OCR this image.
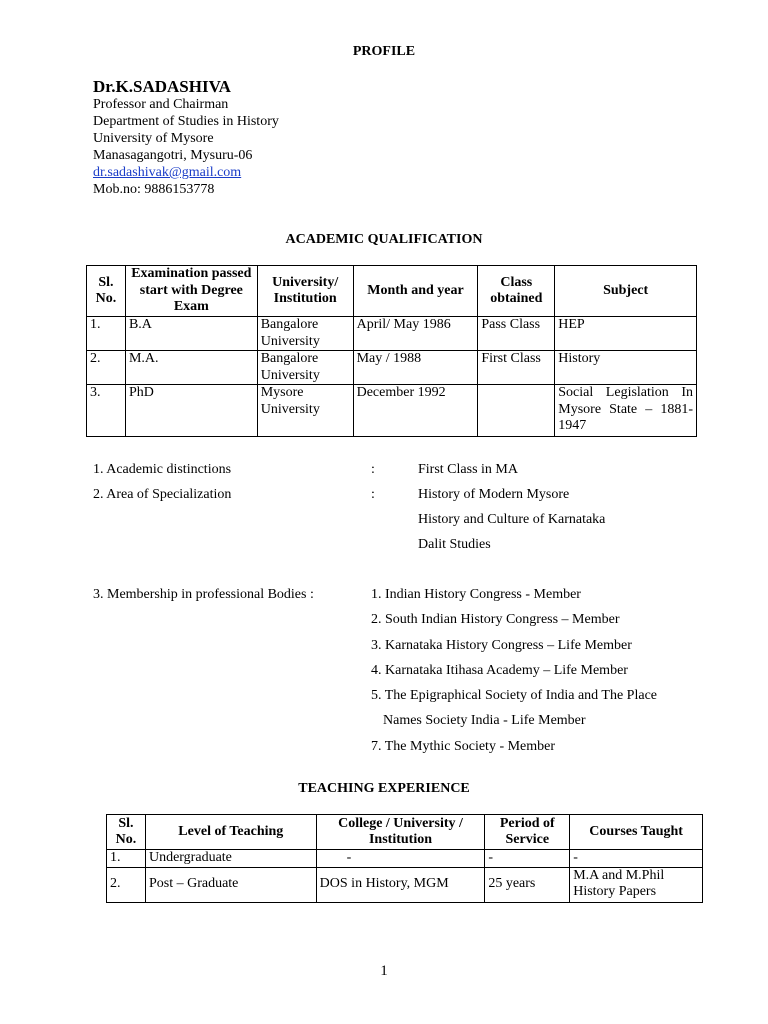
PROFILE
Dr.K.SADASHIVA
Professor and Chairman
Department of Studies in History
University of Mysore
Manasagangotri, Mysuru-06
dr.sadashivak@gmail.com
Mob.no: 9886153778
ACADEMIC QUALIFICATION
Sl. No.	Examination passed start with Degree Exam	University/ Institution	Month and year	Class obtained	Subject
1.	B.A	Bangalore University	April/ May 1986	Pass Class	HEP
2.	M.A.	Bangalore University	May / 1988	First Class	History
3.	PhD	Mysore University	December 1992		Social Legislation In Mysore State – 1881-1947
1. Academic distinctions	:	First Class in MA
2. Area of Specialization	:	History of Modern Mysore
History and Culture of Karnataka
Dalit Studies
3. Membership in professional Bodies :	1. Indian History Congress - Member
2. South Indian History Congress – Member
3. Karnataka History Congress – Life Member
4. Karnataka Itihasa Academy – Life Member
5. The Epigraphical Society of India and The Place
Names Society India - Life Member
7. The Mythic Society - Member
TEACHING EXPERIENCE
Sl. No.	Level of Teaching	College / University / Institution	Period of Service	Courses Taught
1.	Undergraduate	-	-	-
2.	Post – Graduate	DOS in History, MGM	25 years	M.A and M.Phil History Papers
1
